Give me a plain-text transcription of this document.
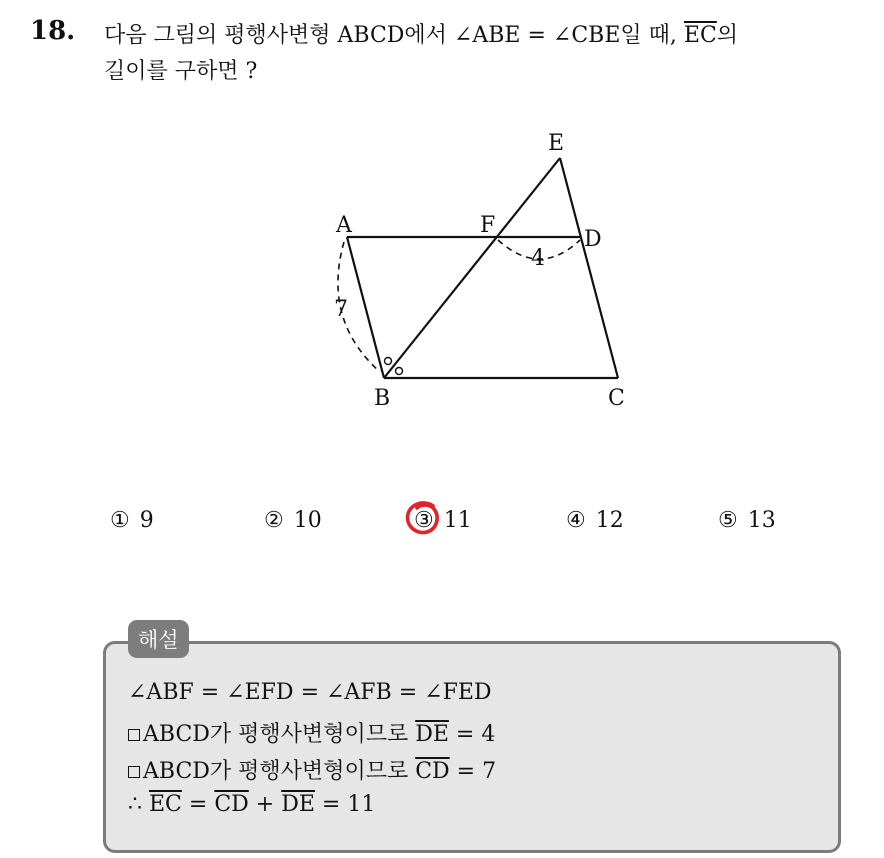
18. 다음 그림의 평행사변형 ABCD에서 ∠ABE = ∠CBE일 때, $\overline{EC}$의
길이를 구하면 ?
E
A	F
D
B	C
7
4
① 9	② 10	③ 11	④ 12	⑤ 13
해설
∠ABF = ∠EFD = ∠AFB = ∠FED
ABCD가 평행사변형이므로 $\overline{DE} = 4$
ABCD가 평행사변형이므로 $\overline{CD} = 7$
∴ $\overline{EC} = \overline{CD} + \overline{DE} = 11$
